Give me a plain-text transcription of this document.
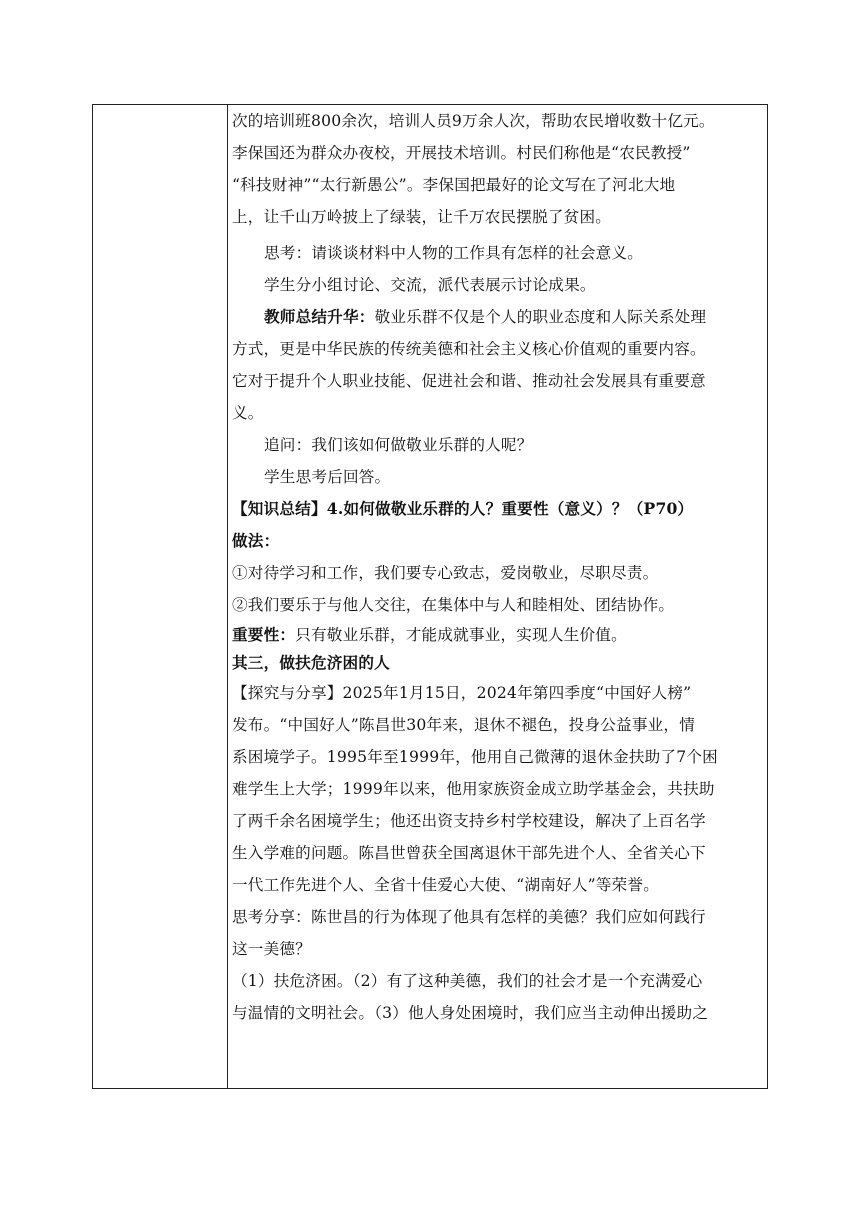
次的培训班800余次，培训人员9万余人次，帮助农民增收数十亿元。
李保国还为群众办夜校，开展技术培训。村民们称他是“农民教授”
“科技财神”“太行新愚公”。李保国把最好的论文写在了河北大地
上，让千山万岭披上了绿装，让千万农民摆脱了贫困。
思考：请谈谈材料中人物的工作具有怎样的社会意义。
学生分小组讨论、交流，派代表展示讨论成果。
教师总结升华：敬业乐群不仅是个人的职业态度和人际关系处理
方式，更是中华民族的传统美德和社会主义核心价值观的重要内容。
它对于提升个人职业技能、促进社会和谐、推动社会发展具有重要意
义。
追问：我们该如何做敬业乐群的人呢？
学生思考后回答。
【知识总结】4.如何做敬业乐群的人？重要性（意义）？（P70）
做法：
①对待学习和工作，我们要专心致志，爱岗敬业，尽职尽责。
②我们要乐于与他人交往，在集体中与人和睦相处、团结协作。
重要性：只有敬业乐群，才能成就事业，实现人生价值。
其三，做扶危济困的人
【探究与分享】2025年1月15日，2024年第四季度“中国好人榜”
发布。“中国好人”陈昌世30年来，退休不褪色，投身公益事业，情
系困境学子。1995年至1999年，他用自己微薄的退休金扶助了7个困
难学生上大学；1999年以来，他用家族资金成立助学基金会，共扶助
了两千余名困境学生；他还出资支持乡村学校建设，解决了上百名学
生入学难的问题。陈昌世曾获全国离退休干部先进个人、全省关心下
一代工作先进个人、全省十佳爱心大使、“湖南好人”等荣誉。
思考分享：陈世昌的行为体现了他具有怎样的美德？我们应如何践行
这一美德？
（1）扶危济困。（2）有了这种美德，我们的社会才是一个充满爱心
与温情的文明社会。（3）他人身处困境时，我们应当主动伸出援助之
